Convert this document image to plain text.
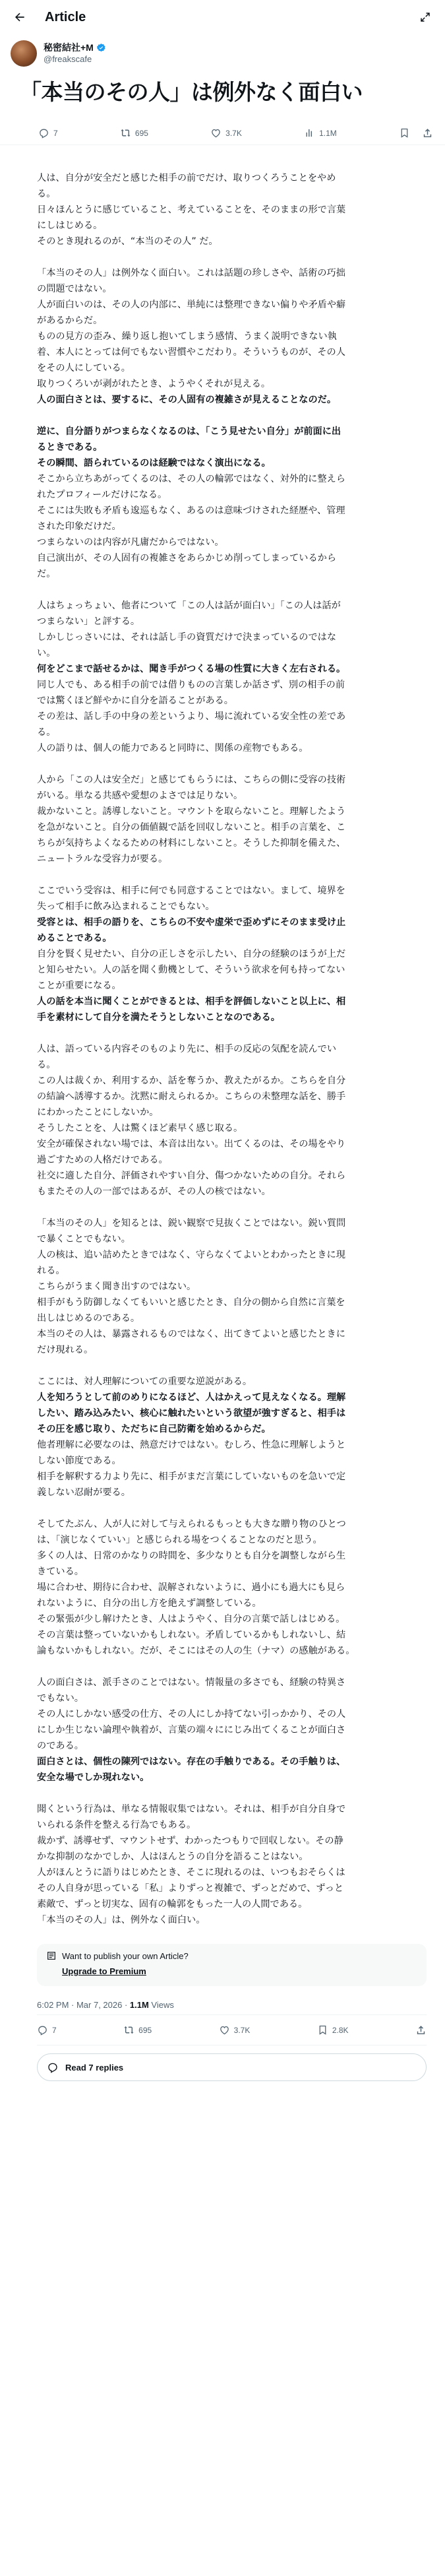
Article
秘密結社+M
@freakscafe
「本当のその人」は例外なく面白い
7	695	3.7K	1.1M
人は、自分が安全だと感じた相手の前でだけ、取りつくろうことをやめ
る。
日々ほんとうに感じていること、考えていることを、そのままの形で言葉
にしはじめる。
そのとき現れるのが、“本当のその人” だ。
「本当のその人」は例外なく面白い。これは話題の珍しさや、話術の巧拙
の問題ではない。
人が面白いのは、その人の内部に、単純には整理できない偏りや矛盾や癖
があるからだ。
ものの見方の歪み、繰り返し抱いてしまう感情、うまく説明できない執
着、本人にとっては何でもない習慣やこだわり。そういうものが、その人
をその人にしている。
取りつくろいが剥がれたとき、ようやくそれが見える。
人の面白さとは、要するに、その人固有の複雑さが見えることなのだ。
逆に、自分語りがつまらなくなるのは、「こう見せたい自分」が前面に出
るときである。
その瞬間、語られているのは経験ではなく演出になる。
そこから立ちあがってくるのは、その人の輪郭ではなく、対外的に整えら
れたプロフィールだけになる。
そこには失敗も矛盾も逡巡もなく、あるのは意味づけされた経歴や、管理
された印象だけだ。
つまらないのは内容が凡庸だからではない。
自己演出が、その人固有の複雑さをあらかじめ削ってしまっているから
だ。
人はちょっちょい、他者について「この人は話が面白い」「この人は話が
つまらない」と評する。
しかしじっさいには、それは話し手の資質だけで決まっているのではな
い。
何をどこまで話せるかは、聞き手がつくる場の性質に大きく左右される。
同じ人でも、ある相手の前では借りものの言葉しか話さず、別の相手の前
では驚くほど鮮やかに自分を語ることがある。
その差は、話し手の中身の差というより、場に流れている安全性の差であ
る。
人の語りは、個人の能力であると同時に、関係の産物でもある。
人から「この人は安全だ」と感じてもらうには、こちらの側に受容の技術
がいる。単なる共感や愛想のよさでは足りない。
裁かないこと。誘導しないこと。マウントを取らないこと。理解したよう
を急がないこと。自分の価値観で話を回収しないこと。相手の言葉を、こ
ちらが気持ちよくなるための材料にしないこと。そうした抑制を備えた、
ニュートラルな受容力が要る。
ここでいう受容は、相手に何でも同意することではない。まして、境界を
失って相手に飲み込まれることでもない。
受容とは、相手の語りを、こちらの不安や虚栄で歪めずにそのまま受け止
めることである。
自分を賢く見せたい、自分の正しさを示したい、自分の経験のほうが上だ
と知らせたい。人の話を聞く動機として、そういう欲求を何も持ってない
ことが重要になる。
人の話を本当に聞くことができるとは、相手を評価しないこと以上に、相
手を素材にして自分を満たそうとしないことなのである。
人は、語っている内容そのものより先に、相手の反応の気配を読んでい
る。
この人は裁くか、利用するか、話を奪うか、教えたがるか。こちらを自分
の結論へ誘導するか。沈黙に耐えられるか。こちらの未整理な話を、勝手
にわかったことにしないか。
そうしたことを、人は驚くほど素早く感じ取る。
安全が確保されない場では、本音は出ない。出てくるのは、その場をやり
過ごすための人格だけである。
社交に適した自分、評価されやすい自分、傷つかないための自分。それら
もまたその人の一部ではあるが、その人の核ではない。
「本当のその人」を知るとは、鋭い観察で見抜くことではない。鋭い質問
で暴くことでもない。
人の核は、追い詰めたときではなく、守らなくてよいとわかったときに現
れる。
こちらがうまく聞き出すのではない。
相手がもう防御しなくてもいいと感じたとき、自分の側から自然に言葉を
出しはじめるのである。
本当のその人は、暴露されるものではなく、出てきてよいと感じたときに
だけ現れる。
ここには、対人理解についての重要な逆説がある。
人を知ろうとして前のめりになるほど、人はかえって見えなくなる。理解
したい、踏み込みたい、核心に触れたいという欲望が強すぎると、相手は
その圧を感じ取り、ただちに自己防衛を始めるからだ。
他者理解に必要なのは、熱意だけではない。むしろ、性急に理解しようと
しない節度である。
相手を解釈する力より先に、相手がまだ言葉にしていないものを急いで定
義しない忍耐が要る。
そしてたぶん、人が人に対して与えられるもっとも大きな贈り物のひとつ
は、「演じなくていい」と感じられる場をつくることなのだと思う。
多くの人は、日常のかなりの時間を、多少なりとも自分を調整しながら生
きている。
場に合わせ、期待に合わせ、誤解されないように、過小にも過大にも見ら
れないように、自分の出し方を絶えず調整している。
その緊張が少し解けたとき、人はようやく、自分の言葉で話しはじめる。
その言葉は整っていないかもしれない。矛盾しているかもしれないし、結
論もないかもしれない。だが、そこにはその人の生（ナマ）の感触がある。
人の面白さは、派手さのことではない。情報量の多さでも、経験の特異さ
でもない。
その人にしかない感受の仕方、その人にしか持てない引っかかり、その人
にしか生じない論理や執着が、言葉の端々ににじみ出てくることが面白さ
のである。
面白さとは、個性の陳列ではない。存在の手触りである。その手触りは、
安全な場でしか現れない。
聞くという行為は、単なる情報収集ではない。それは、相手が自分自身で
いられる条件を整える行為でもある。
裁かず、誘導せず、マウントせず、わかったつもりで回収しない。その静
かな抑制のなかでしか、人はほんとうの自分を語ることはない。
人がほんとうに語りはじめたとき、そこに現れるのは、いつもおそらくは
その人自身が思っている「私」よりずっと複雑で、ずっとだめで、ずっと
素敵で、ずっと切実な、固有の輪郭をもった一人の人間である。
「本当のその人」は、例外なく面白い。
Want to publish your own Article?
Upgrade to Premium
6:02 PM · Mar 7, 2026 · 1.1M Views
7	695	3.7K	2.8K
Read 7 replies
